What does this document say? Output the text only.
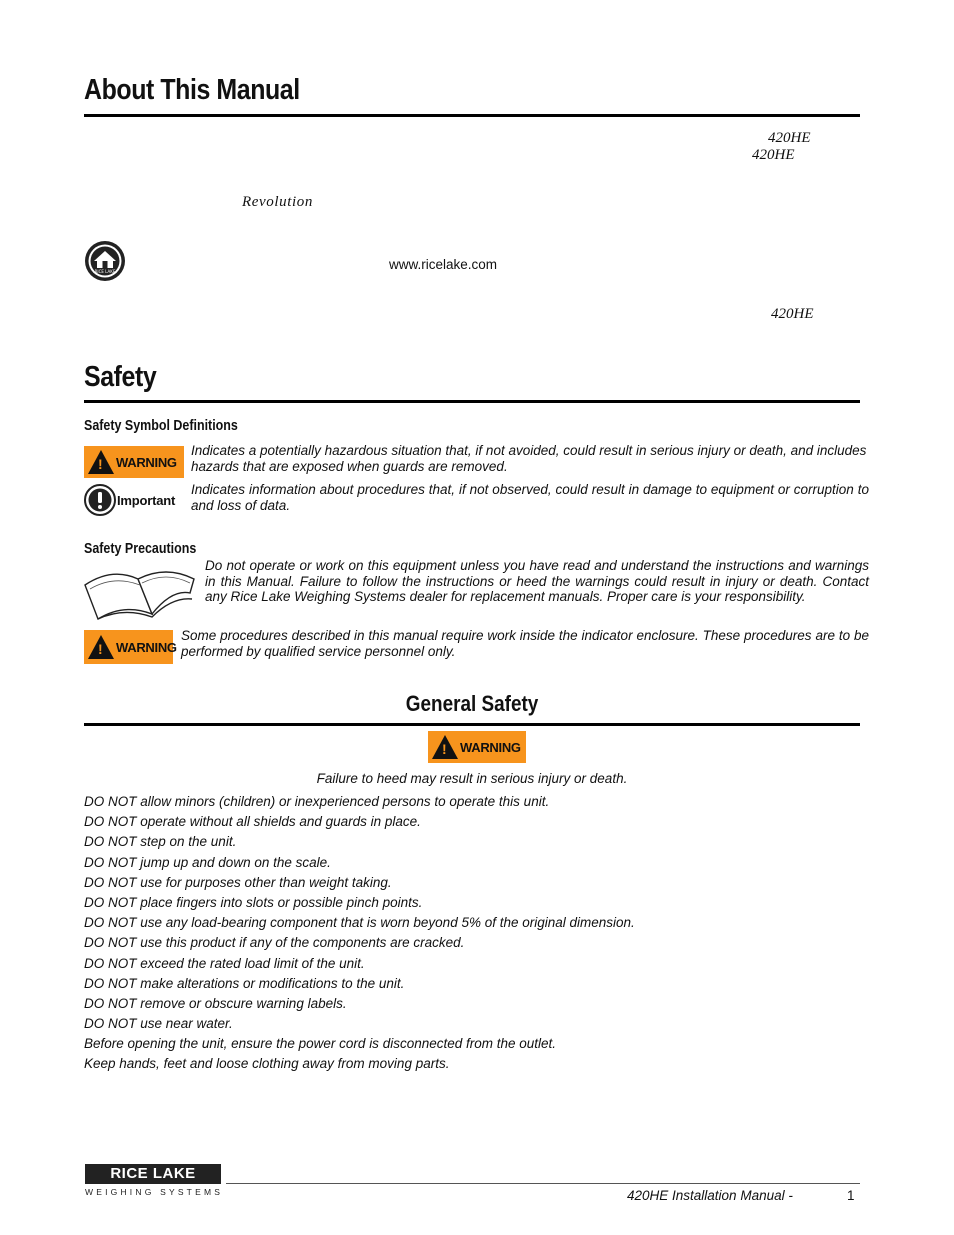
About This Manual
420HE
420HE
Revolution
RICE LAKE	www.ricelake.com
420HE
Safety
Safety Symbol Definitions
! WARNING
Indicates a potentially hazardous situation that, if not avoided, could result in serious injury or death, and includes hazards that are exposed when guards are removed.
Important
Indicates information about procedures that, if not observed, could result in damage to equipment or corruption to and loss of data.
Safety Precautions
Do not operate or work on this equipment unless you have read and understand the instructions and warnings in this Manual. Failure to follow the instructions or heed the warnings could result in injury or death. Contact any Rice Lake Weighing Systems dealer for replacement manuals. Proper care is your responsibility.
! WARNING
Some procedures described in this manual require work inside the indicator enclosure. These procedures are to be performed by qualified service personnel only.
General Safety
! WARNING
Failure to heed may result in serious injury or death.
DO NOT allow minors (children) or inexperienced persons to operate this unit.
DO NOT operate without all shields and guards in place.
DO NOT step on the unit.
DO NOT jump up and down on the scale.
DO NOT use for purposes other than weight taking.
DO NOT place fingers into slots or possible pinch points.
DO NOT use any load-bearing component that is worn beyond 5% of the original dimension.
DO NOT use this product if any of the components are cracked.
DO NOT exceed the rated load limit of the unit.
DO NOT make alterations or modifications to the unit.
DO NOT remove or obscure warning labels.
DO NOT use near water.
Before opening the unit, ensure the power cord is disconnected from the outlet.
Keep hands, feet and loose clothing away from moving parts.
RICE LAKE
WEIGHING SYSTEMS	420HE Installation Manual -	1
